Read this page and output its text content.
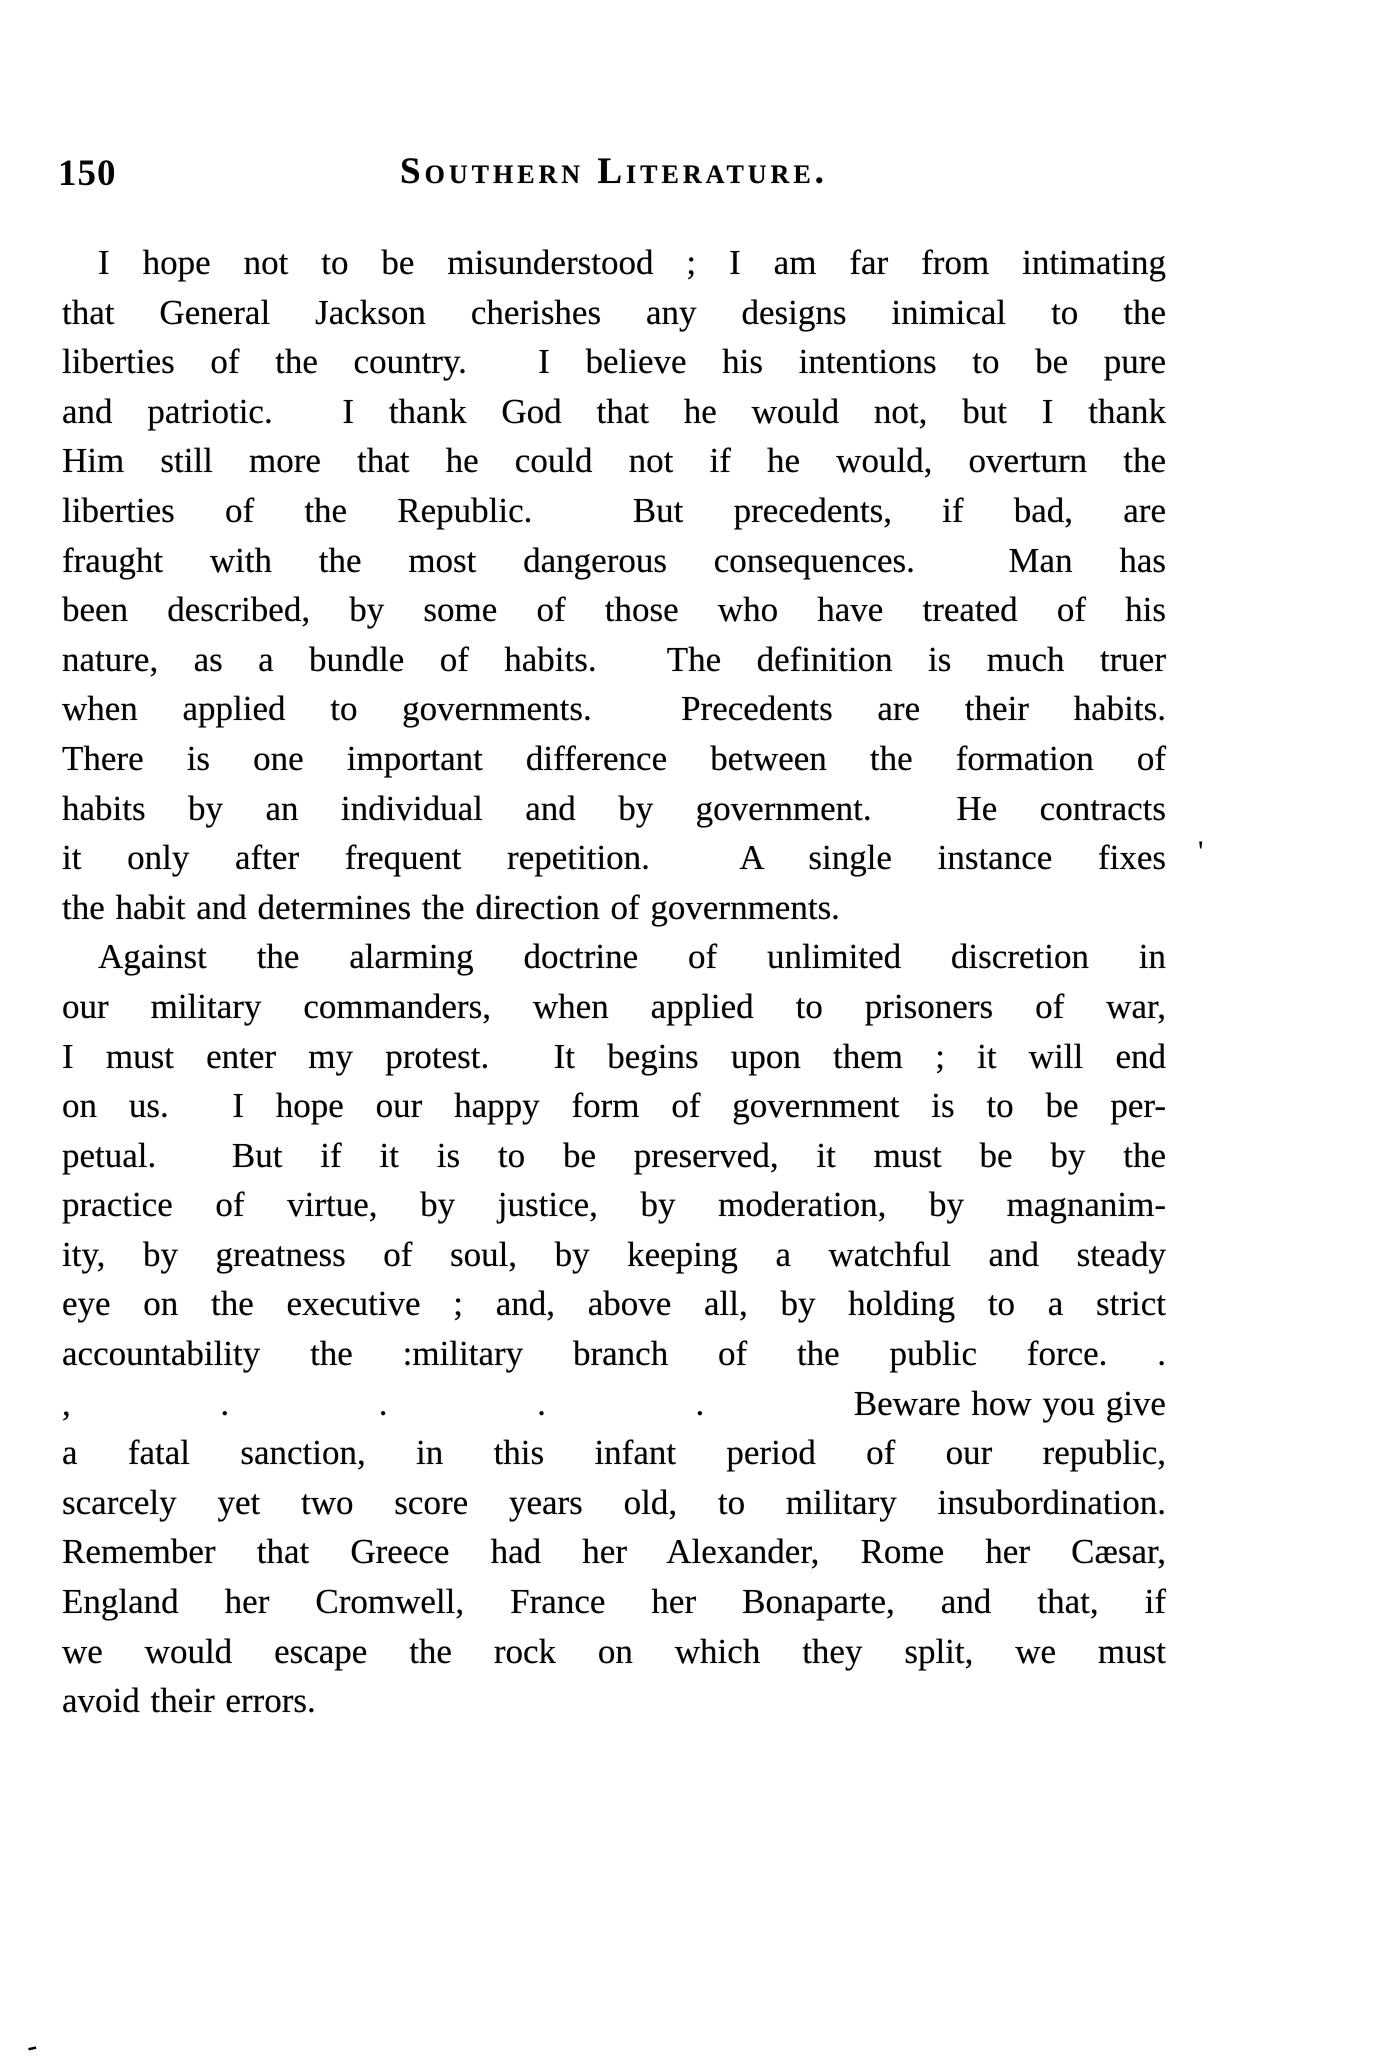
150	Southern Literature.
I hope not to be misunderstood ; I am far from intimating
that General Jackson cherishes any designs inimical to the
liberties of the country.  I believe his intentions to be pure
and patriotic.  I thank God that he would not, but I thank
Him still more that he could not if he would, overturn the
liberties of the Republic.  But precedents, if bad, are
fraught with the most dangerous consequences.  Man has
been described, by some of those who have treated of his
nature, as a bundle of habits.  The definition is much truer
when applied to governments.  Precedents are their habits.
There is one important difference between the formation of
habits by an individual and by government.  He contracts
it only after frequent repetition.  A single instance fixes '
the habit and determines the direction of governments.
Against the alarming doctrine of unlimited discretion in
our military commanders, when applied to prisoners of war,
I must enter my protest.  It begins upon them ; it will end
on us.  I hope our happy form of government is to be per-
petual.  But if it is to be preserved, it must be by the
practice of virtue, by justice, by moderation, by magnanim-
ity, by greatness of soul, by keeping a watchful and steady
eye on the executive ; and, above all, by holding to a strict
accountability the :military branch of the public force. .
,	.	.	.	.	Beware how you give
a fatal sanction, in this infant period of our republic,
scarcely yet two score years old, to military insubordination.
Remember that Greece had her Alexander, Rome her Cæsar,
England her Cromwell, France her Bonaparte, and that, if
we would escape the rock on which they split, we must
avoid their errors.
-
